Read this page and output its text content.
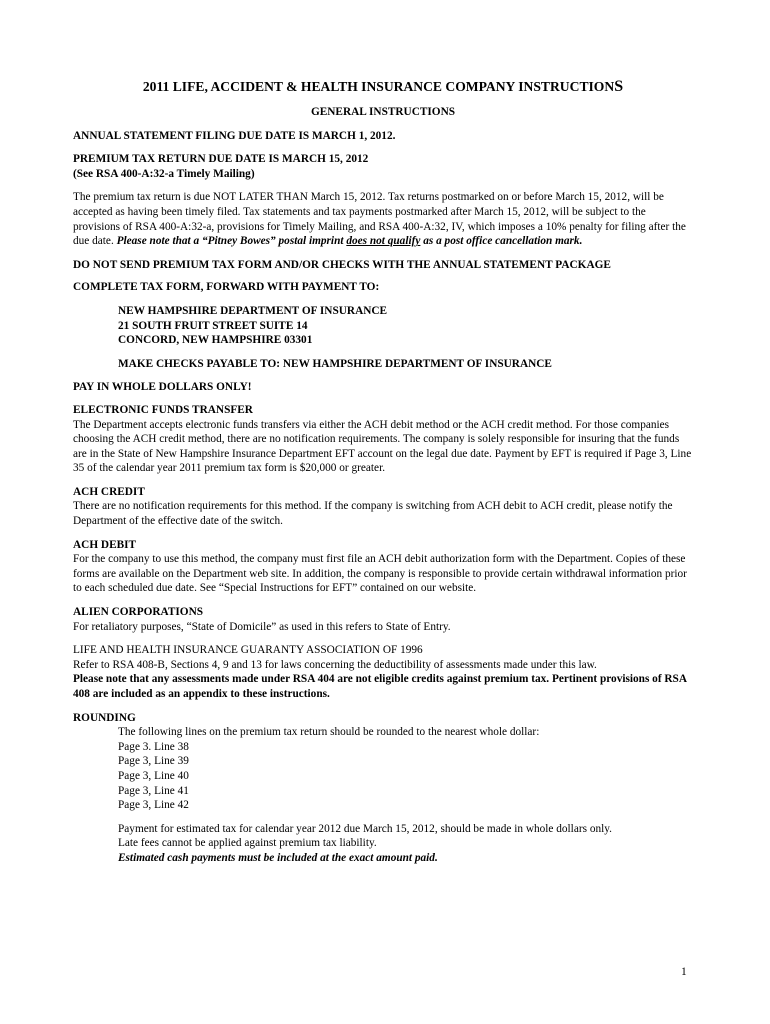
2011 LIFE, ACCIDENT & HEALTH INSURANCE COMPANY INSTRUCTIONS

GENERAL INSTRUCTIONS

ANNUAL STATEMENT FILING DUE DATE IS MARCH 1, 2012.

PREMIUM TAX RETURN DUE DATE IS MARCH 15, 2012

(See RSA 400-A:32-a Timely Mailing)

The premium tax return is due NOT LATER THAN March 15, 2012. Tax returns postmarked on or before March 15, 2012, will be accepted as having been timely filed. Tax statements and tax payments postmarked after March 15, 2012, will be subject to the provisions of RSA 400-A:32-a, provisions for Timely Mailing, and RSA 400-A:32, IV, which imposes a 10% penalty for filing after the due date. Please note that a “Pitney Bowes” postal imprint does not qualify as a post office cancellation mark.

DO NOT SEND PREMIUM TAX FORM AND/OR CHECKS WITH THE ANNUAL STATEMENT PACKAGE

COMPLETE TAX FORM, FORWARD WITH PAYMENT TO:

NEW HAMPSHIRE DEPARTMENT OF INSURANCE

21 SOUTH FRUIT STREET SUITE 14

CONCORD, NEW HAMPSHIRE 03301

MAKE CHECKS PAYABLE TO: NEW HAMPSHIRE DEPARTMENT OF INSURANCE

PAY IN WHOLE DOLLARS ONLY!

ELECTRONIC FUNDS TRANSFER

The Department accepts electronic funds transfers via either the ACH debit method or the ACH credit method. For those companies choosing the ACH credit method, there are no notification requirements. The company is solely responsible for insuring that the funds are in the State of New Hampshire Insurance Department EFT account on the legal due date. Payment by EFT is required if Page 3, Line 35 of the calendar year 2011 premium tax form is $20,000 or greater.

ACH CREDIT

There are no notification requirements for this method. If the company is switching from ACH debit to ACH credit, please notify the Department of the effective date of the switch.

ACH DEBIT

For the company to use this method, the company must first file an ACH debit authorization form with the Department. Copies of these forms are available on the Department web site. In addition, the company is responsible to provide certain withdrawal information prior to each scheduled due date. See “Special Instructions for EFT” contained on our website.

ALIEN CORPORATIONS

For retaliatory purposes, “State of Domicile” as used in this refers to State of Entry.

LIFE AND HEALTH INSURANCE GUARANTY ASSOCIATION OF 1996

Refer to RSA 408-B, Sections 4, 9 and 13 for laws concerning the deductibility of assessments made under this law.

Please note that any assessments made under RSA 404 are not eligible credits against premium tax. Pertinent provisions of RSA 408 are included as an appendix to these instructions.

ROUNDING

The following lines on the premium tax return should be rounded to the nearest whole dollar:

Page 3. Line 38

Page 3, Line 39

Page 3, Line 40

Page 3, Line 41

Page 3, Line 42

Payment for estimated tax for calendar year 2012 due March 15, 2012, should be made in whole dollars only.

Late fees cannot be applied against premium tax liability.

Estimated cash payments must be included at the exact amount paid.

1
